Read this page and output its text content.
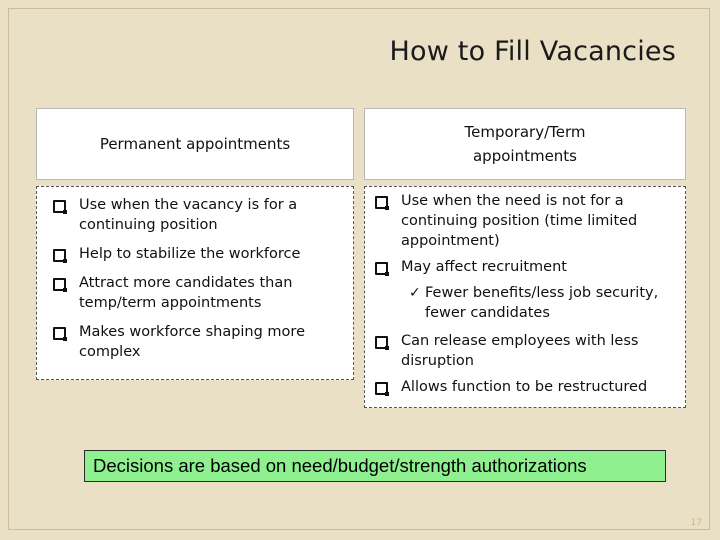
How to Fill Vacancies
Permanent appointments
Temporary/Term appointments
Use when the vacancy is for a continuing position
Help to stabilize the workforce
Attract more candidates than temp/term appointments
Makes workforce shaping more complex
Use when the need is not for a continuing position (time limited appointment)
May affect recruitment
✓ Fewer benefits/less job security, fewer candidates
Can release employees with less disruption
Allows function to be restructured
Decisions are based on need/budget/strength authorizations
17
